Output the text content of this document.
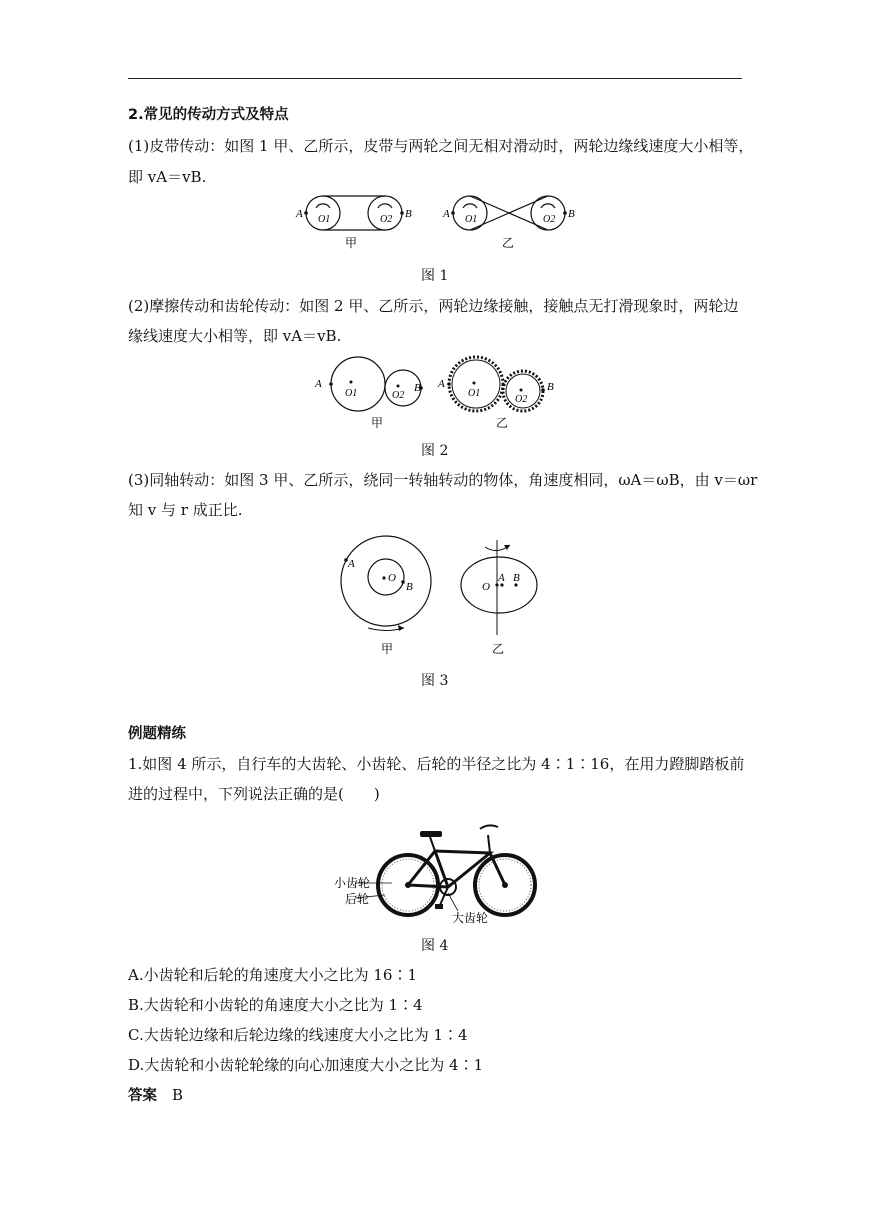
2.常见的传动方式及特点
(1)皮带传动：如图 1 甲、乙所示，皮带与两轮之间无相对滑动时，两轮边缘线速度大小相等，
即 vA＝vB.
A	B
O1	O2
甲
A	B
O1	O2
乙
图 1
(2)摩擦传动和齿轮传动：如图 2 甲、乙所示，两轮边缘接触，接触点无打滑现象时，两轮边
缘线速度大小相等，即 vA＝vB.
A	B
O1	O2
甲
A	B
O1
O2
乙
图 2
(3)同轴转动：如图 3 甲、乙所示，绕同一转轴转动的物体，角速度相同，ωA＝ωB，由 v＝ωr
知 v 与 r 成正比.
O
A
B
甲
O
A B
乙
图 3
例题精练
1.如图 4 所示，自行车的大齿轮、小齿轮、后轮的半径之比为 4∶1∶16，在用力蹬脚踏板前
进的过程中，下列说法正确的是(　　)
小齿轮
后轮
大齿轮
图 4
A.小齿轮和后轮的角速度大小之比为 16∶1
B.大齿轮和小齿轮的角速度大小之比为 1∶4
C.大齿轮边缘和后轮边缘的线速度大小之比为 1∶4
D.大齿轮和小齿轮轮缘的向心加速度大小之比为 4∶1
答案　 B
